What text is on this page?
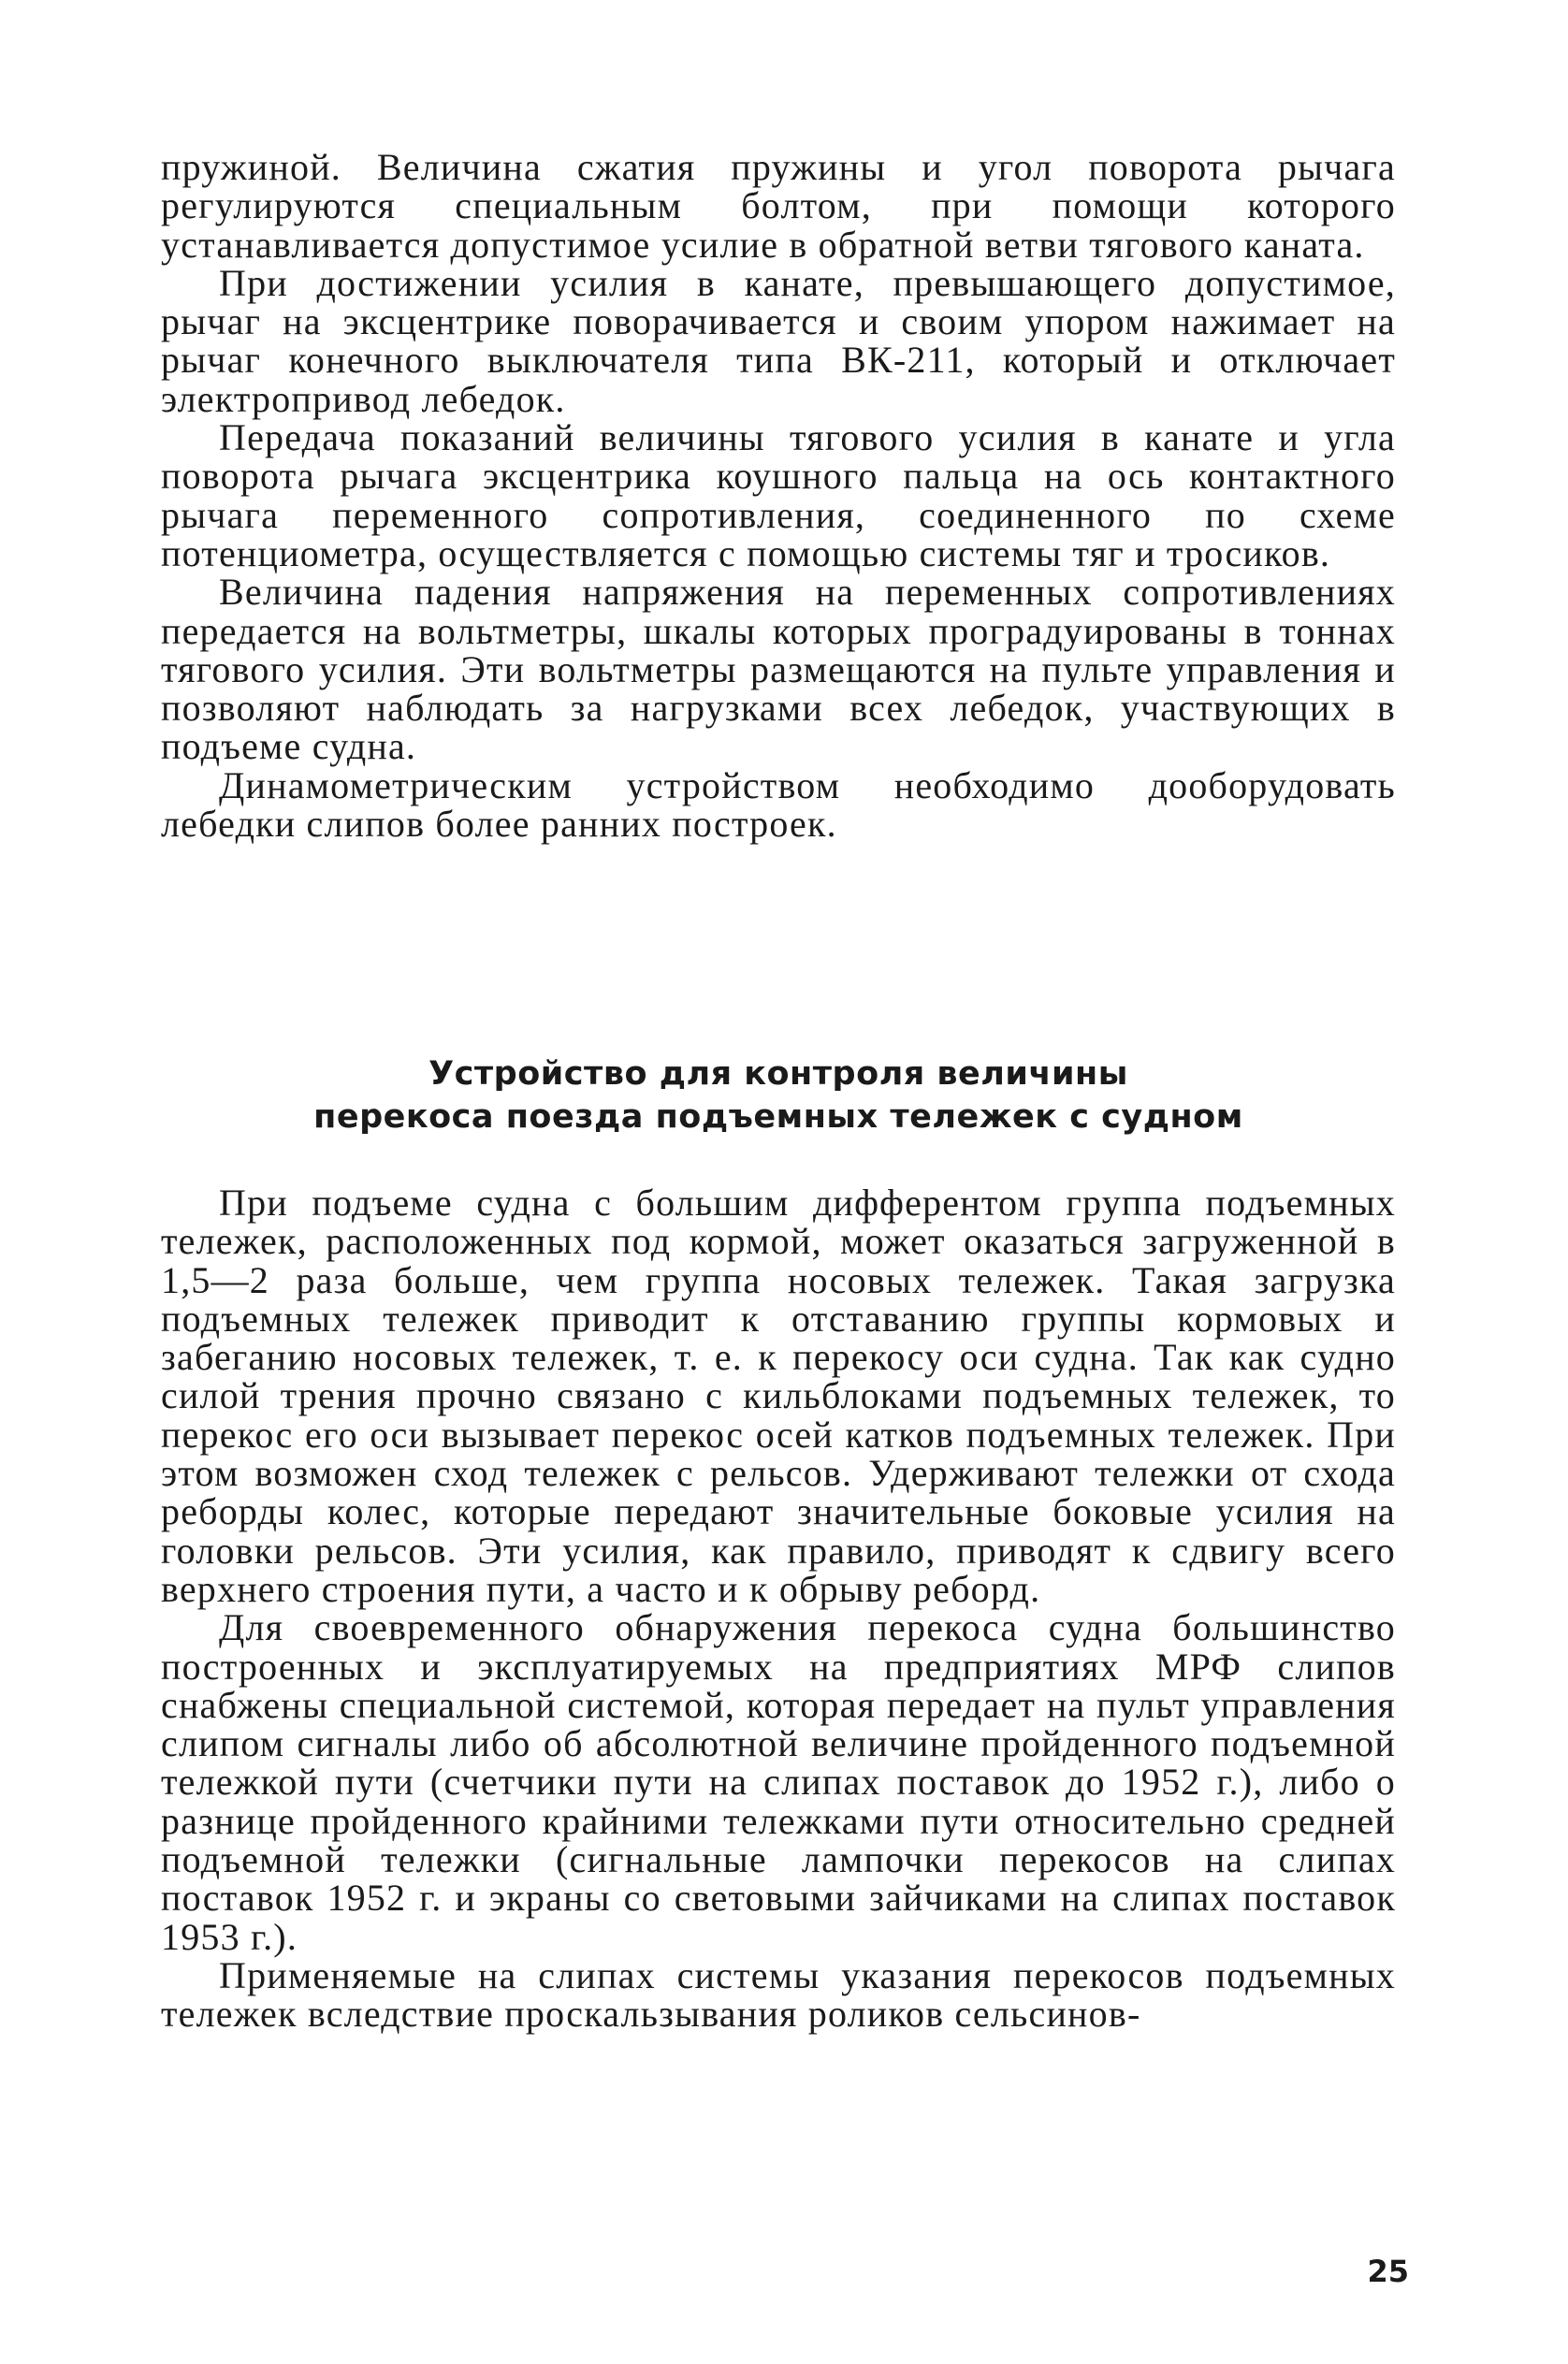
пружиной. Величина сжатия пружины и угол поворота рычага регулируются специальным болтом, при помощи которого устанавливается допустимое усилие в обратной ветви тягового каната.

При достижении усилия в канате, превышающего допустимое, рычаг на эксцентрике поворачивается и своим упором нажимает на рычаг конечного выключателя типа ВК-211, который и отключает электропривод лебедок.

Передача показаний величины тягового усилия в канате и угла поворота рычага эксцентрика коушного пальца на ось контактного рычага переменного сопротивления, соединенного по схеме потенциометра, осуществляется с помощью системы тяг и тросиков.

Величина падения напряжения на переменных сопротивлениях передается на вольтметры, шкалы которых проградуированы в тоннах тягового усилия. Эти вольтметры размещаются на пульте управления и позволяют наблюдать за нагрузками всех лебедок, участвующих в подъеме судна.

Динамометрическим устройством необходимо дооборудовать лебедки слипов более ранних построек.

Устройство для контроля величины
перекоса поезда подъемных тележек с судном

При подъеме судна с большим дифферентом группа подъемных тележек, расположенных под кормой, может оказаться загруженной в 1,5—2 раза больше, чем группа носовых тележек. Такая загрузка подъемных тележек приводит к отставанию группы кормовых и забеганию носовых тележек, т. е. к перекосу оси судна. Так как судно силой трения прочно связано с кильблоками подъемных тележек, то перекос его оси вызывает перекос осей катков подъемных тележек. При этом возможен сход тележек с рельсов. Удерживают тележки от схода реборды колес, которые передают значительные боковые усилия на головки рельсов. Эти усилия, как правило, приводят к сдвигу всего верхнего строения пути, а часто и к обрыву реборд.

Для своевременного обнаружения перекоса судна большинство построенных и эксплуатируемых на предприятиях МРФ слипов снабжены специальной системой, которая передает на пульт управления слипом сигналы либо об абсолютной величине пройденного подъемной тележкой пути (счетчики пути на слипах поставок до 1952 г.), либо о разнице пройденного крайними тележками пути относительно средней подъемной тележки (сигнальные лампочки перекосов на слипах поставок 1952 г. и экраны со световыми зайчиками на слипах поставок 1953 г.).

Применяемые на слипах системы указания перекосов подъемных тележек вследствие проскальзывания роликов сельсинов-

25
